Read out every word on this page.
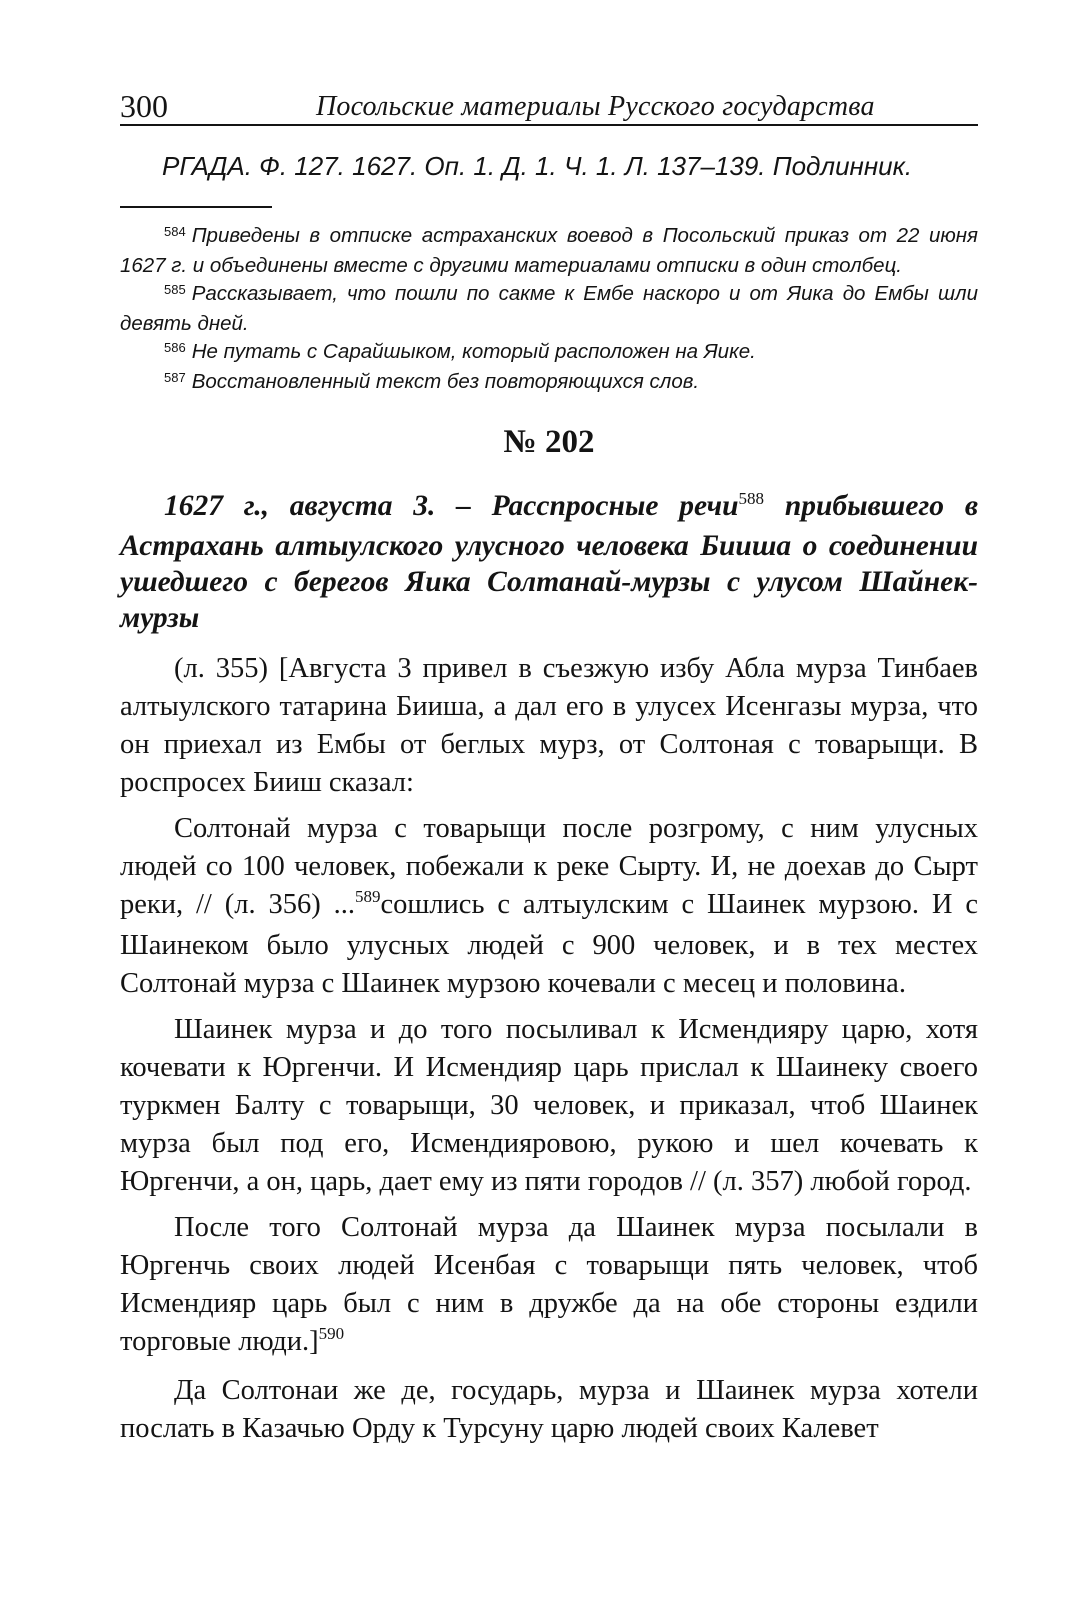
300	Посольские материалы Русского государства
РГАДА. Ф. 127. 1627. Оп. 1. Д. 1. Ч. 1. Л. 137–139. Подлинник.

$^{584}$ Приведены в отписке астраханских воевод в Посольский приказ от 22 июня 1627 г. и объединены вместе с другими материалами отписки в один столбец.

$^{585}$ Рассказывает, что пошли по сакме к Ембе наскоро и от Яика до Ембы шли девять дней.

$^{586}$ Не путать с Сарайшыком, который расположен на Яике.

$^{587}$ Восстановленный текст без повторяющихся слов.

№ 202
1627 г., августа 3. – Расспросные речи$^{588}$ прибывшего в Астрахань алтыулского улусного человека Бииша о соединении ушедшего с берегов Яика Солтанай-мурзы с улусом Шайнек-мурзы

(л. 355) [Августа 3 привел в съезжую избу Абла мурза Тинбаев алтыулского татарина Бииша, а дал его в улусех Исенгазы мурза, что он приехал из Ембы от беглых мурз, от Солтоная с товарыщи. В роспросех Бииш сказал:

Солтонай мурза с товарыщи после розгрому, с ним улусных людей со 100 человек, побежали к реке Сырту. И, не доехав до Сырт реки, // (л. 356) ...$^{589}$сошлись с алтыулским с Шаинек мурзою. И с Шаинеком было улусных людей с 900 человек, и в тех местех Солтонай мурза с Шаинек мурзою кочевали с месец и половина.

Шаинек мурза и до того посыливал к Исмендияру царю, хотя кочевати к Юргенчи. И Исмендияр царь прислал к Шаинеку своего туркмен Балту с товарыщи, 30 человек, и приказал, чтоб Шаинек мурза был под его, Исмендияровою, рукою и шел кочевать к Юргенчи, а он, царь, дает ему из пяти городов // (л. 357) любой город.

После того Солтонай мурза да Шаинек мурза посылали в Юргенчь своих людей Исенбая с товарыщи пять человек, чтоб Исмендияр царь был с ним в дружбе да на обе стороны ездили торговые люди.]$^{590}$

Да Солтонаи же де, государь, мурза и Шаинек мурза хотели послать в Казачью Орду к Турсуну царю людей своих Калевет
